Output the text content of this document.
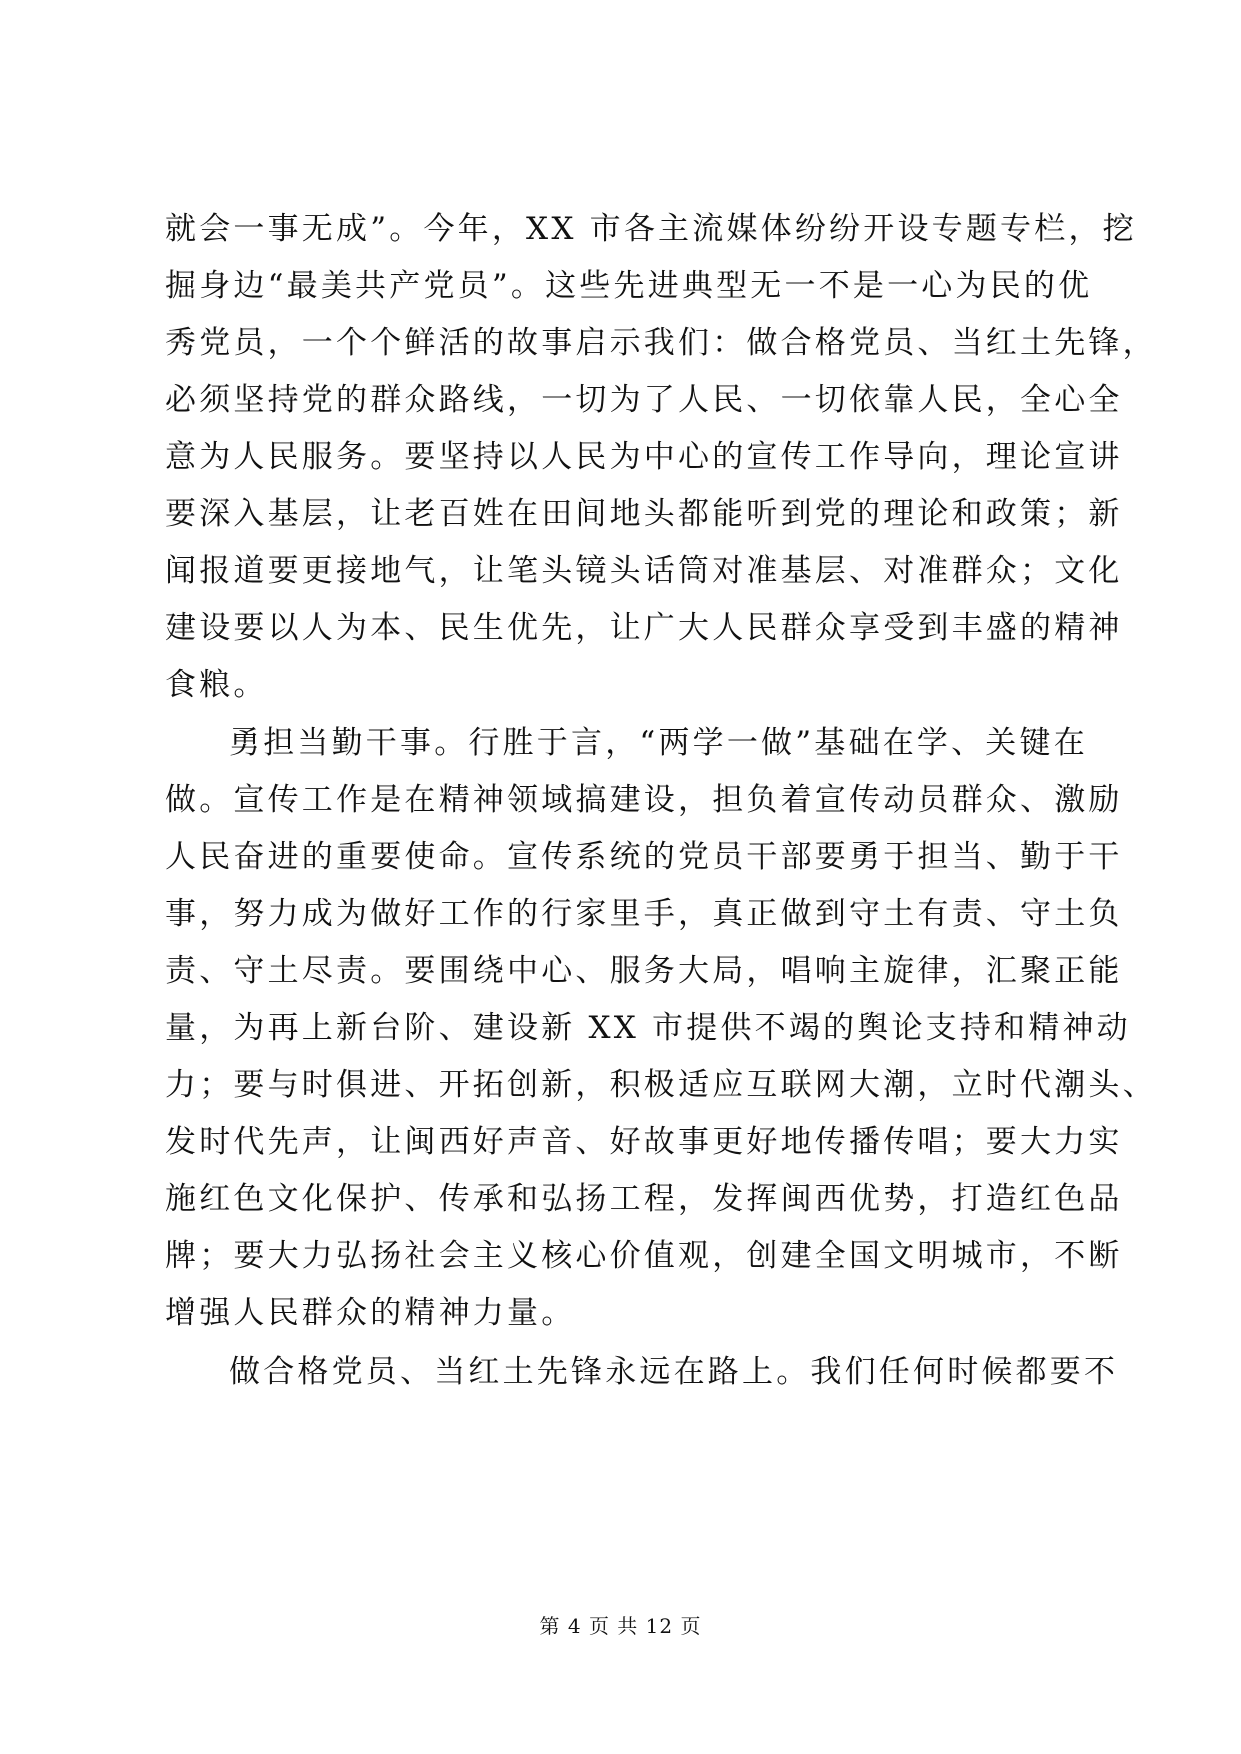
就会一事无成”。今年，XX 市各主流媒体纷纷开设专题专栏，挖
掘身边“最美共产党员”。这些先进典型无一不是一心为民的优
秀党员，一个个鲜活的故事启示我们：做合格党员、当红土先锋，
必须坚持党的群众路线，一切为了人民、一切依靠人民，全心全
意为人民服务。要坚持以人民为中心的宣传工作导向，理论宣讲
要深入基层，让老百姓在田间地头都能听到党的理论和政策；新
闻报道要更接地气，让笔头镜头话筒对准基层、对准群众；文化
建设要以人为本、民生优先，让广大人民群众享受到丰盛的精神
食粮。
勇担当勤干事。行胜于言，“两学一做”基础在学、关键在
做。宣传工作是在精神领域搞建设，担负着宣传动员群众、激励
人民奋进的重要使命。宣传系统的党员干部要勇于担当、勤于干
事，努力成为做好工作的行家里手，真正做到守土有责、守土负
责、守土尽责。要围绕中心、服务大局，唱响主旋律，汇聚正能
量，为再上新台阶、建设新 XX 市提供不竭的舆论支持和精神动
力；要与时俱进、开拓创新，积极适应互联网大潮，立时代潮头、
发时代先声，让闽西好声音、好故事更好地传播传唱；要大力实
施红色文化保护、传承和弘扬工程，发挥闽西优势，打造红色品
牌；要大力弘扬社会主义核心价值观，创建全国文明城市，不断
增强人民群众的精神力量。
做合格党员、当红土先锋永远在路上。我们任何时候都要不
第 4 页 共 12 页
